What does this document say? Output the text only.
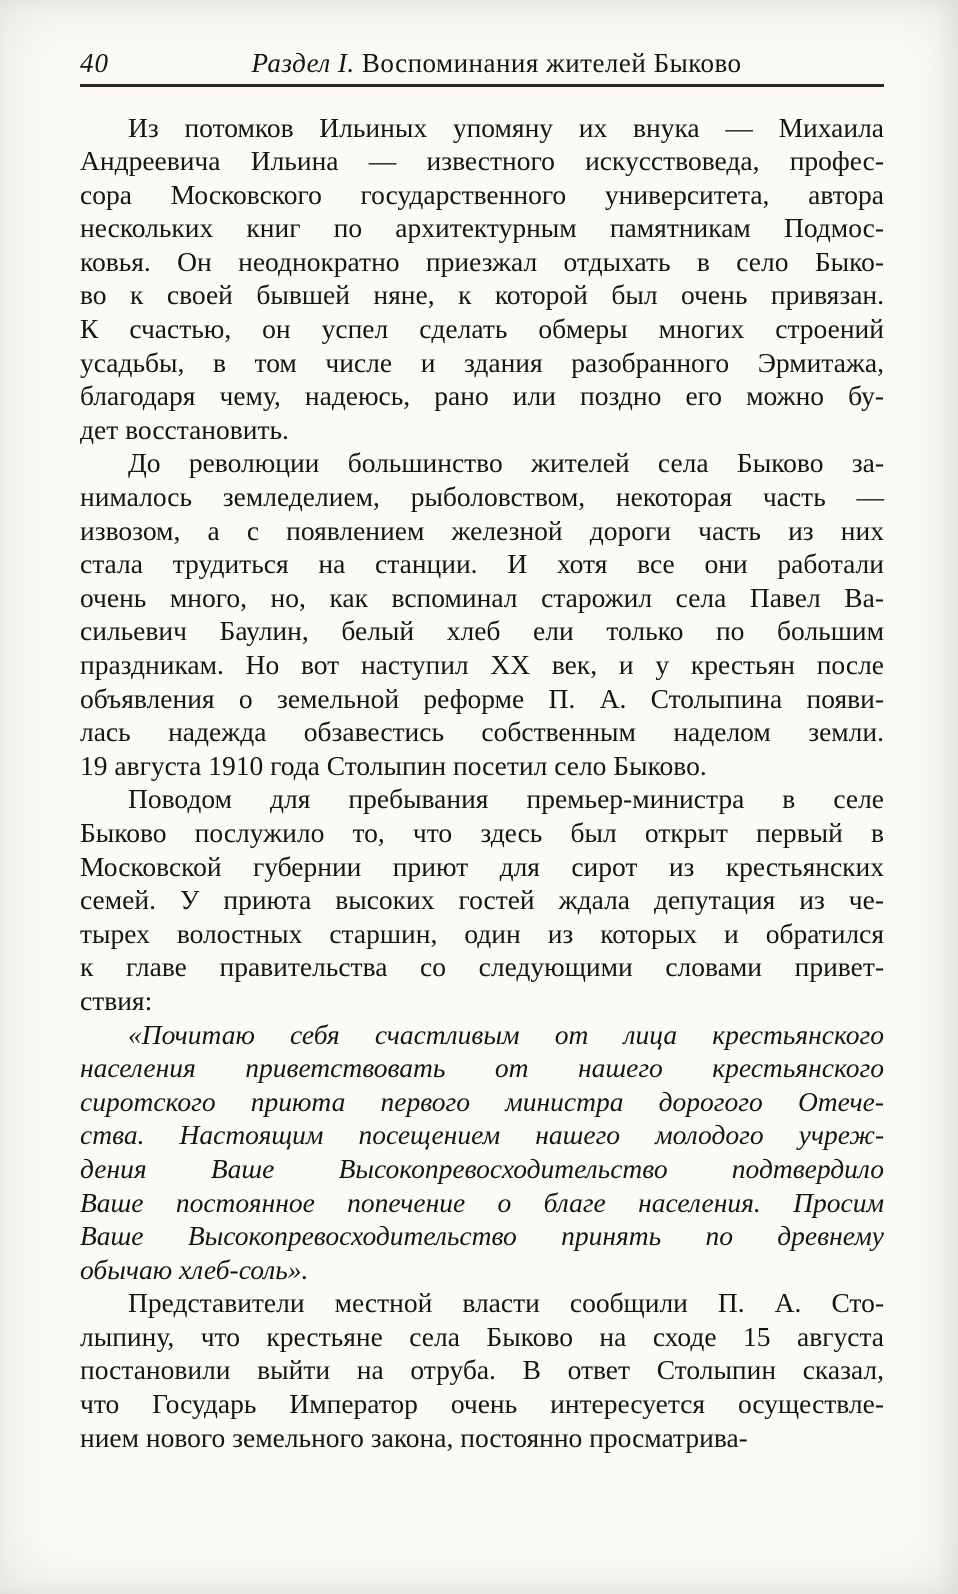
40	Раздел I. Воспоминания жителей Быково

Из потомков Ильиных упомяну их внука — Михаила
Андреевича Ильина — известного искусствоведа, профес-
сора Московского государственного университета, автора
нескольких книг по архитектурным памятникам Подмос-
ковья. Он неоднократно приезжал отдыхать в село Быко-
во к своей бывшей няне, к которой был очень привязан.
К счастью, он успел сделать обмеры многих строений
усадьбы, в том числе и здания разобранного Эрмитажа,
благодаря чему, надеюсь, рано или поздно его можно бу-
дет восстановить.

До революции большинство жителей села Быково за-
нималось земледелием, рыболовством, некоторая часть —
извозом, а с появлением железной дороги часть из них
стала трудиться на станции. И хотя все они работали
очень много, но, как вспоминал старожил села Павел Ва-
сильевич Баулин, белый хлеб ели только по большим
праздникам. Но вот наступил XX век, и у крестьян после
объявления о земельной реформе П. А. Столыпина появи-
лась надежда обзавестись собственным наделом земли.
19 августа 1910 года Столыпин посетил село Быково.

Поводом для пребывания премьер-министра в селе
Быково послужило то, что здесь был открыт первый в
Московской губернии приют для сирот из крестьянских
семей. У приюта высоких гостей ждала депутация из че-
тырех волостных старшин, один из которых и обратился
к главе правительства со следующими словами привет-
ствия:

«Почитаю себя счастливым от лица крестьянского
населения приветствовать от нашего крестьянского
сиротского приюта первого министра дорогого Отече-
ства. Настоящим посещением нашего молодого учреж-
дения Ваше Высокопревосходительство подтвердило
Ваше постоянное попечение о благе населения. Просим
Ваше Высокопревосходительство принять по древнему
обычаю хлеб-соль».

Представители местной власти сообщили П. А. Сто-
лыпину, что крестьяне села Быково на сходе 15 августа
постановили выйти на отруба. В ответ Столыпин сказал,
что Государь Император очень интересуется осуществле-
нием нового земельного закона, постоянно просматрива-
